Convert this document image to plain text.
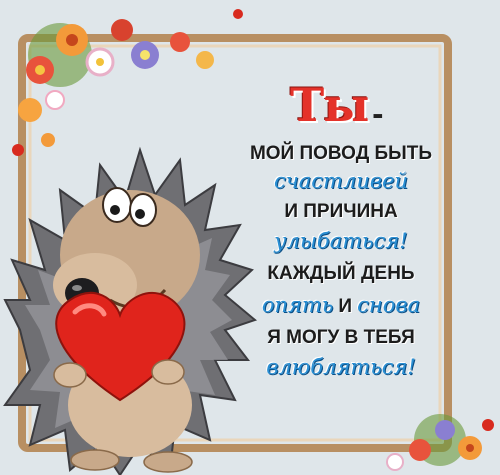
Ты -
МОЙ ПОВОД БЫТЬ
счастливей
И ПРИЧИНА
улыбаться!
КАЖДЫЙ ДЕНЬ
опять И снова
Я МОГУ В ТЕБЯ
влюбляться!
